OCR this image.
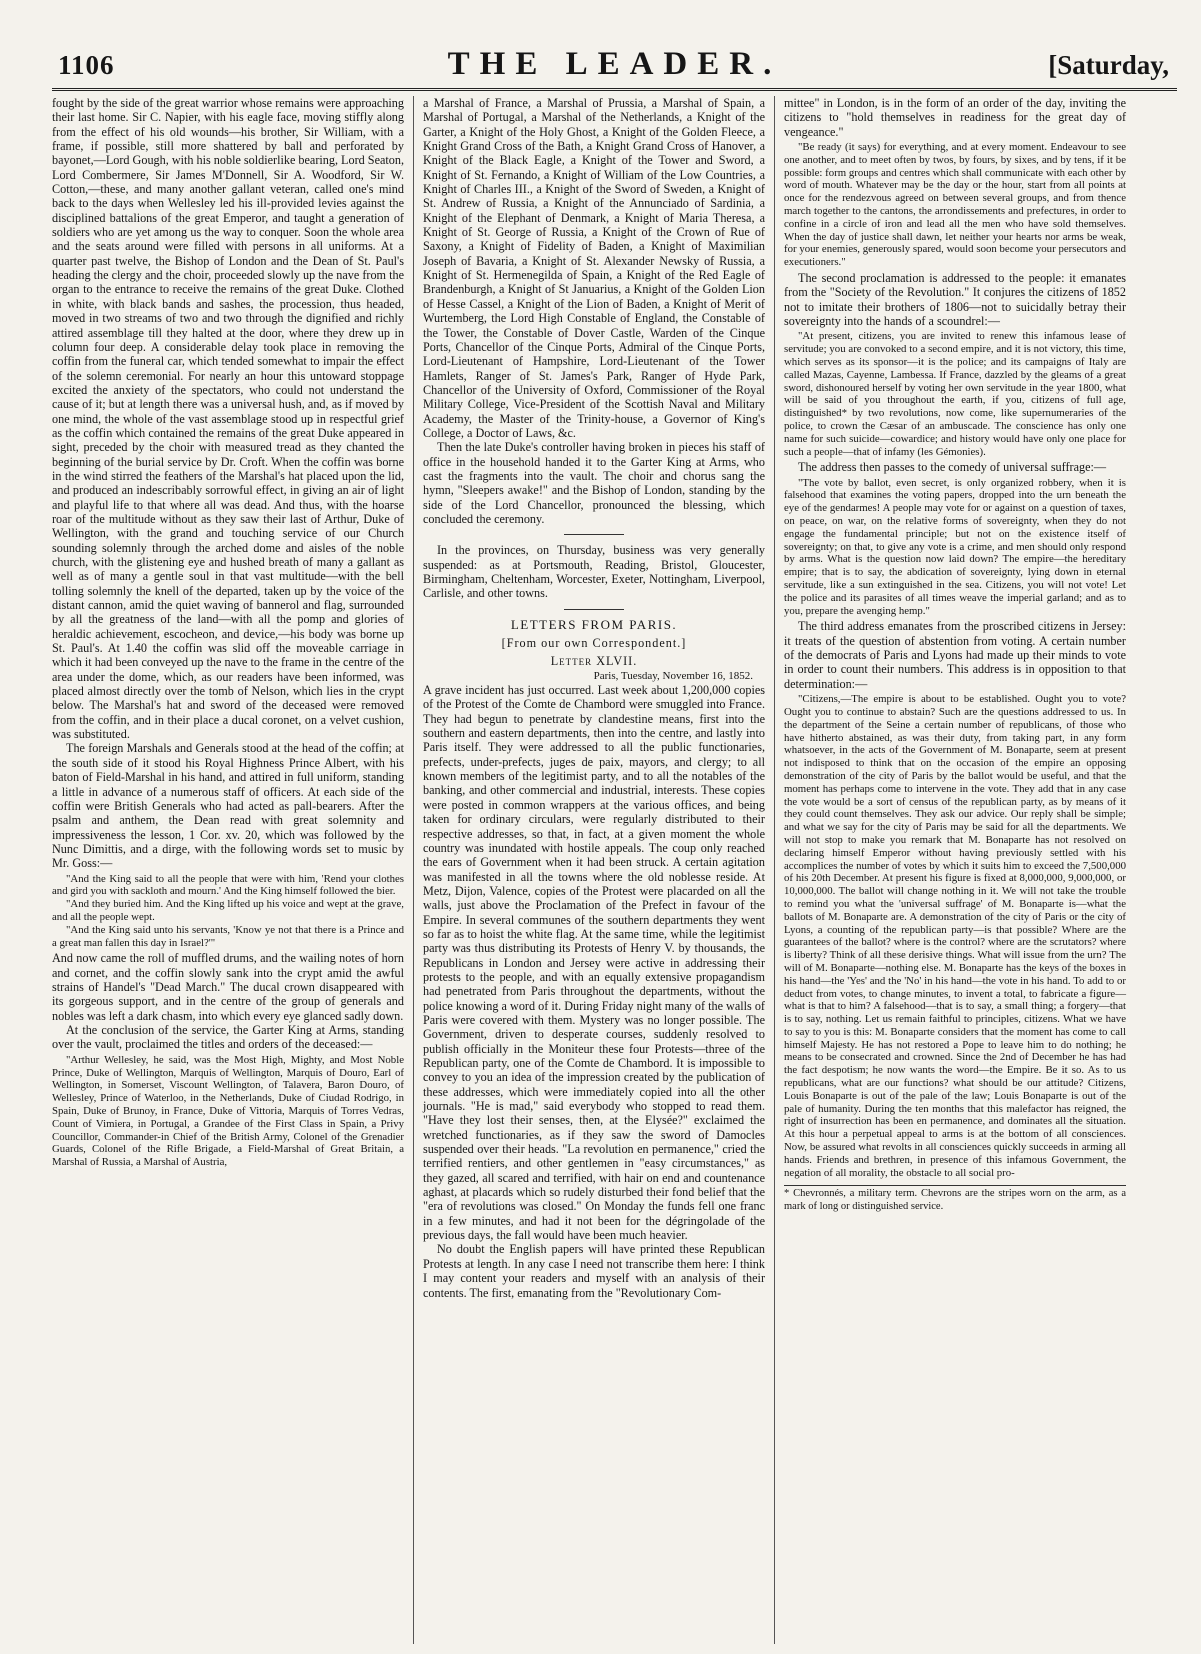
1106	THE LEADER.	[Saturday,

fought by the side of the great warrior whose remains were approaching their last home. Sir C. Napier, with his eagle face, moving stiffly along from the effect of his old wounds—his brother, Sir William, with a frame, if possible, still more shattered by ball and perforated by bayonet,—Lord Gough, with his noble soldierlike bearing, Lord Seaton, Lord Combermere, Sir James M'Donnell, Sir A. Woodford, Sir W. Cotton,—these, and many another gallant veteran, called one's mind back to the days when Wellesley led his ill-provided levies against the disciplined battalions of the great Emperor, and taught a generation of soldiers who are yet among us the way to conquer. Soon the whole area and the seats around were filled with persons in all uniforms. At a quarter past twelve, the Bishop of London and the Dean of St. Paul's heading the clergy and the choir, proceeded slowly up the nave from the organ to the entrance to receive the remains of the great Duke. Clothed in white, with black bands and sashes, the procession, thus headed, moved in two streams of two and two through the dignified and richly attired assemblage till they halted at the door, where they drew up in column four deep. A considerable delay took place in removing the coffin from the funeral car, which tended somewhat to impair the effect of the solemn ceremonial. For nearly an hour this untoward stoppage excited the anxiety of the spectators, who could not understand the cause of it; but at length there was a universal hush, and, as if moved by one mind, the whole of the vast assemblage stood up in respectful grief as the coffin which contained the remains of the great Duke appeared in sight, preceded by the choir with measured tread as they chanted the beginning of the burial service by Dr. Croft. When the coffin was borne in the wind stirred the feathers of the Marshal's hat placed upon the lid, and produced an indescribably sorrowful effect, in giving an air of light and playful life to that where all was dead. And thus, with the hoarse roar of the multitude without as they saw their last of Arthur, Duke of Wellington, with the grand and touching service of our Church sounding solemnly through the arched dome and aisles of the noble church, with the glistening eye and hushed breath of many a gallant as well as of many a gentle soul in that vast multitude—with the bell tolling solemnly the knell of the departed, taken up by the voice of the distant cannon, amid the quiet waving of bannerol and flag, surrounded by all the greatness of the land—with all the pomp and glories of heraldic achievement, escocheon, and device,—his body was borne up St. Paul's. At 1.40 the coffin was slid off the moveable carriage in which it had been conveyed up the nave to the frame in the centre of the area under the dome, which, as our readers have been informed, was placed almost directly over the tomb of Nelson, which lies in the crypt below. The Marshal's hat and sword of the deceased were removed from the coffin, and in their place a ducal coronet, on a velvet cushion, was substituted.

The foreign Marshals and Generals stood at the head of the coffin; at the south side of it stood his Royal Highness Prince Albert, with his baton of Field-Marshal in his hand, and attired in full uniform, standing a little in advance of a numerous staff of officers. At each side of the coffin were British Generals who had acted as pall-bearers. After the psalm and anthem, the Dean read with great solemnity and impressiveness the lesson, 1 Cor. xv. 20, which was followed by the Nunc Dimittis, and a dirge, with the following words set to music by Mr. Goss:—

"And the King said to all the people that were with him, 'Rend your clothes and gird you with sackloth and mourn.' And the King himself followed the bier.

"And they buried him. And the King lifted up his voice and wept at the grave, and all the people wept.

"And the King said unto his servants, 'Know ye not that there is a Prince and a great man fallen this day in Israel?'"

And now came the roll of muffled drums, and the wailing notes of horn and cornet, and the coffin slowly sank into the crypt amid the awful strains of Handel's "Dead March." The ducal crown disappeared with its gorgeous support, and in the centre of the group of generals and nobles was left a dark chasm, into which every eye glanced sadly down.

At the conclusion of the service, the Garter King at Arms, standing over the vault, proclaimed the titles and orders of the deceased:—

"Arthur Wellesley, he said, was the Most High, Mighty, and Most Noble Prince, Duke of Wellington, Marquis of Wellington, Marquis of Douro, Earl of Wellington, in Somerset, Viscount Wellington, of Talavera, Baron Douro, of Wellesley, Prince of Waterloo, in the Netherlands, Duke of Ciudad Rodrigo, in Spain, Duke of Brunoy, in France, Duke of Vittoria, Marquis of Torres Vedras, Count of Vimiera, in Portugal, a Grandee of the First Class in Spain, a Privy Councillor, Commander-in Chief of the British Army, Colonel of the Grenadier Guards, Colonel of the Rifle Brigade, a Field-Marshal of Great Britain, a Marshal of Russia, a Marshal of Austria,

a Marshal of France, a Marshal of Prussia, a Marshal of Spain, a Marshal of Portugal, a Marshal of the Netherlands, a Knight of the Garter, a Knight of the Holy Ghost, a Knight of the Golden Fleece, a Knight Grand Cross of the Bath, a Knight Grand Cross of Hanover, a Knight of the Black Eagle, a Knight of the Tower and Sword, a Knight of St. Fernando, a Knight of William of the Low Countries, a Knight of Charles III., a Knight of the Sword of Sweden, a Knight of St. Andrew of Russia, a Knight of the Annunciado of Sardinia, a Knight of the Elephant of Denmark, a Knight of Maria Theresa, a Knight of St. George of Russia, a Knight of the Crown of Rue of Saxony, a Knight of Fidelity of Baden, a Knight of Maximilian Joseph of Bavaria, a Knight of St. Alexander Newsky of Russia, a Knight of St. Hermenegilda of Spain, a Knight of the Red Eagle of Brandenburgh, a Knight of St Januarius, a Knight of the Golden Lion of Hesse Cassel, a Knight of the Lion of Baden, a Knight of Merit of Wurtemberg, the Lord High Constable of England, the Constable of the Tower, the Constable of Dover Castle, Warden of the Cinque Ports, Chancellor of the Cinque Ports, Admiral of the Cinque Ports, Lord-Lieutenant of Hampshire, Lord-Lieutenant of the Tower Hamlets, Ranger of St. James's Park, Ranger of Hyde Park, Chancellor of the University of Oxford, Commissioner of the Royal Military College, Vice-President of the Scottish Naval and Military Academy, the Master of the Trinity-house, a Governor of King's College, a Doctor of Laws, &c.

Then the late Duke's controller having broken in pieces his staff of office in the household handed it to the Garter King at Arms, who cast the fragments into the vault. The choir and chorus sang the hymn, "Sleepers awake!" and the Bishop of London, standing by the side of the Lord Chancellor, pronounced the blessing, which concluded the ceremony.

In the provinces, on Thursday, business was very generally suspended: as at Portsmouth, Reading, Bristol, Gloucester, Birmingham, Cheltenham, Worcester, Exeter, Nottingham, Liverpool, Carlisle, and other towns.

LETTERS FROM PARIS.

[From our own Correspondent.]

Letter XLVII.

Paris, Tuesday, November 16, 1852.

A grave incident has just occurred. Last week about 1,200,000 copies of the Protest of the Comte de Chambord were smuggled into France. They had begun to penetrate by clandestine means, first into the southern and eastern departments, then into the centre, and lastly into Paris itself. They were addressed to all the public functionaries, prefects, under-prefects, juges de paix, mayors, and clergy; to all known members of the legitimist party, and to all the notables of the banking, and other commercial and industrial, interests. These copies were posted in common wrappers at the various offices, and being taken for ordinary circulars, were regularly distributed to their respective addresses, so that, in fact, at a given moment the whole country was inundated with hostile appeals. The coup only reached the ears of Government when it had been struck. A certain agitation was manifested in all the towns where the old noblesse reside. At Metz, Dijon, Valence, copies of the Protest were placarded on all the walls, just above the Proclamation of the Prefect in favour of the Empire. In several communes of the southern departments they went so far as to hoist the white flag. At the same time, while the legitimist party was thus distributing its Protests of Henry V. by thousands, the Republicans in London and Jersey were active in addressing their protests to the people, and with an equally extensive propagandism had penetrated from Paris throughout the departments, without the police knowing a word of it. During Friday night many of the walls of Paris were covered with them. Mystery was no longer possible. The Government, driven to desperate courses, suddenly resolved to publish officially in the Moniteur these four Protests—three of the Republican party, one of the Comte de Chambord. It is impossible to convey to you an idea of the impression created by the publication of these addresses, which were immediately copied into all the other journals. "He is mad," said everybody who stopped to read them. "Have they lost their senses, then, at the Elysée?" exclaimed the wretched functionaries, as if they saw the sword of Damocles suspended over their heads. "La revolution en permanence," cried the terrified rentiers, and other gentlemen in "easy circumstances," as they gazed, all scared and terrified, with hair on end and countenance aghast, at placards which so rudely disturbed their fond belief that the "era of revolutions was closed." On Monday the funds fell one franc in a few minutes, and had it not been for the dégringolade of the previous days, the fall would have been much heavier.

No doubt the English papers will have printed these Republican Protests at length. In any case I need not transcribe them here: I think I may content your readers and myself with an analysis of their contents. The first, emanating from the "Revolutionary Com-

mittee" in London, is in the form of an order of the day, inviting the citizens to "hold themselves in readiness for the great day of vengeance."

"Be ready (it says) for everything, and at every moment. Endeavour to see one another, and to meet often by twos, by fours, by sixes, and by tens, if it be possible: form groups and centres which shall communicate with each other by word of mouth. Whatever may be the day or the hour, start from all points at once for the rendezvous agreed on between several groups, and from thence march together to the cantons, the arrondissements and prefectures, in order to confine in a circle of iron and lead all the men who have sold themselves. When the day of justice shall dawn, let neither your hearts nor arms be weak, for your enemies, generously spared, would soon become your persecutors and executioners."

The second proclamation is addressed to the people: it emanates from the "Society of the Revolution." It conjures the citizens of 1852 not to imitate their brothers of 1806—not to suicidally betray their sovereignty into the hands of a scoundrel:—

"At present, citizens, you are invited to renew this infamous lease of servitude; you are convoked to a second empire, and it is not victory, this time, which serves as its sponsor—it is the police; and its campaigns of Italy are called Mazas, Cayenne, Lambessa. If France, dazzled by the gleams of a great sword, dishonoured herself by voting her own servitude in the year 1800, what will be said of you throughout the earth, if you, citizens of full age, distinguished* by two revolutions, now come, like supernumeraries of the police, to crown the Cæsar of an ambuscade. The conscience has only one name for such suicide—cowardice; and history would have only one place for such a people—that of infamy (les Gémonies).

The address then passes to the comedy of universal suffrage:—

"The vote by ballot, even secret, is only organized robbery, when it is falsehood that examines the voting papers, dropped into the urn beneath the eye of the gendarmes! A people may vote for or against on a question of taxes, on peace, on war, on the relative forms of sovereignty, when they do not engage the fundamental principle; but not on the existence itself of sovereignty; on that, to give any vote is a crime, and men should only respond by arms. What is the question now laid down? The empire—the hereditary empire; that is to say, the abdication of sovereignty, lying down in eternal servitude, like a sun extinguished in the sea. Citizens, you will not vote! Let the police and its parasites of all times weave the imperial garland; and as to you, prepare the avenging hemp."

The third address emanates from the proscribed citizens in Jersey: it treats of the question of abstention from voting. A certain number of the democrats of Paris and Lyons had made up their minds to vote in order to count their numbers. This address is in opposition to that determination:—

"Citizens,—The empire is about to be established. Ought you to vote? Ought you to continue to abstain? Such are the questions addressed to us. In the department of the Seine a certain number of republicans, of those who have hitherto abstained, as was their duty, from taking part, in any form whatsoever, in the acts of the Government of M. Bonaparte, seem at present not indisposed to think that on the occasion of the empire an opposing demonstration of the city of Paris by the ballot would be useful, and that the moment has perhaps come to intervene in the vote. They add that in any case the vote would be a sort of census of the republican party, as by means of it they could count themselves. They ask our advice. Our reply shall be simple; and what we say for the city of Paris may be said for all the departments. We will not stop to make you remark that M. Bonaparte has not resolved on declaring himself Emperor without having previously settled with his accomplices the number of votes by which it suits him to exceed the 7,500,000 of his 20th December. At present his figure is fixed at 8,000,000, 9,000,000, or 10,000,000. The ballot will change nothing in it. We will not take the trouble to remind you what the 'universal suffrage' of M. Bonaparte is—what the ballots of M. Bonaparte are. A demonstration of the city of Paris or the city of Lyons, a counting of the republican party—is that possible? Where are the guarantees of the ballot? where is the control? where are the scrutators? where is liberty? Think of all these derisive things. What will issue from the urn? The will of M. Bonaparte—nothing else. M. Bonaparte has the keys of the boxes in his hand—the 'Yes' and the 'No' in his hand—the vote in his hand. To add to or deduct from votes, to change minutes, to invent a total, to fabricate a figure—what is that to him? A falsehood—that is to say, a small thing; a forgery—that is to say, nothing. Let us remain faithful to principles, citizens. What we have to say to you is this: M. Bonaparte considers that the moment has come to call himself Majesty. He has not restored a Pope to leave him to do nothing; he means to be consecrated and crowned. Since the 2nd of December he has had the fact despotism; he now wants the word—the Empire. Be it so. As to us republicans, what are our functions? what should be our attitude? Citizens, Louis Bonaparte is out of the pale of the law; Louis Bonaparte is out of the pale of humanity. During the ten months that this malefactor has reigned, the right of insurrection has been en permanence, and dominates all the situation. At this hour a perpetual appeal to arms is at the bottom of all consciences. Now, be assured what revolts in all consciences quickly succeeds in arming all hands. Friends and brethren, in presence of this infamous Government, the negation of all morality, the obstacle to all social pro-

* Chevronnés, a military term. Chevrons are the stripes worn on the arm, as a mark of long or distinguished service.
